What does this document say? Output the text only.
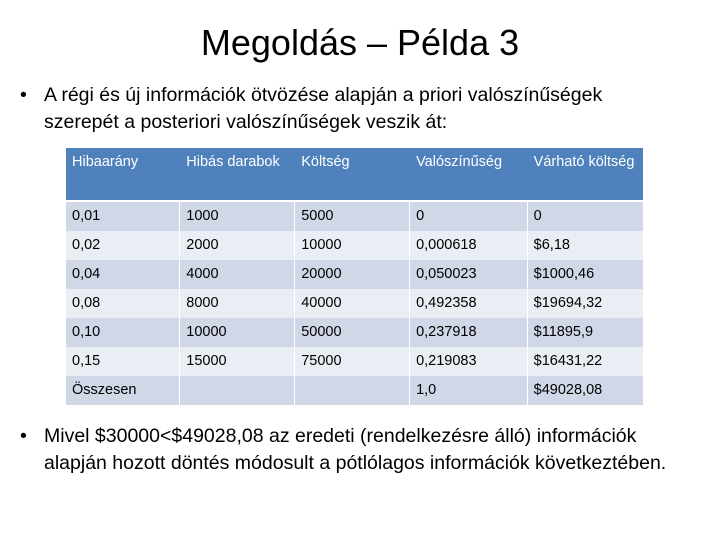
Megoldás – Példa 3
• A régi és új információk ötvözése alapján a priori valószínűségek szerepét a posteriori valószínűségek veszik át:
Hibaarány	Hibás darabok	Költség	Valószínűség	Várható költség
0,01	1000	5000	0	0
0,02	2000	10000	0,000618	$6,18
0,04	4000	20000	0,050023	$1000,46
0,08	8000	40000	0,492358	$19694,32
0,10	10000	50000	0,237918	$11895,9
0,15	15000	75000	0,219083	$16431,22
Összesen			1,0	$49028,08
• Mivel $30000<$49028,08 az eredeti (rendelkezésre álló) információk alapján hozott döntés módosult a pótlólagos információk következtében.
